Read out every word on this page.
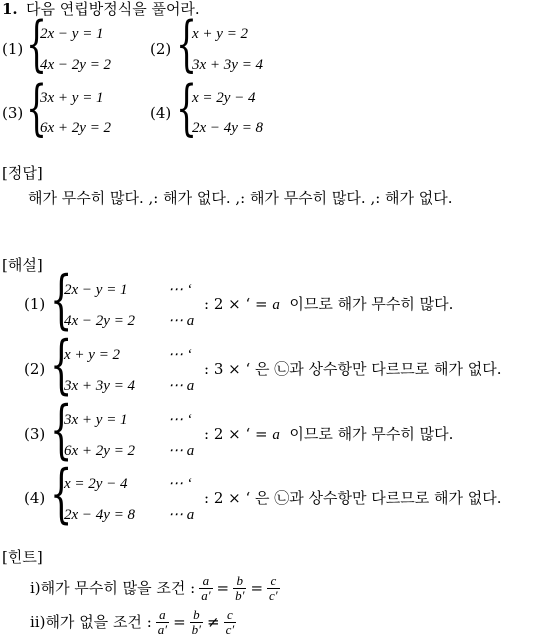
1. 다음 연립방정식을 풀어라.
(1) {
2x − y = 1
4x − 2y = 2
(2) {
x + y = 2
3x + 3y = 4
(3) {
3x + y = 1
6x + 2y = 2
(4) {
x = 2y − 4
2x − 4y = 8
[정답]
해가 무수히 많다. ,: 해가 없다. ,: 해가 무수히 많다. ,: 해가 없다.
[해설]
(1) {
2x − y = 1	⋯ ‘
4x − 2y = 2 ⋯ a
: 2 × ‘ = a 이므로 해가 무수히 많다.
(2) {
x + y = 2	⋯ ‘
3x + 3y = 4 ⋯ a
: 3 × ‘ 은 ㉡과 상수항만 다르므로 해가 없다.
(3) {
3x + y = 1	⋯ ‘
6x + 2y = 2 ⋯ a
: 2 × ‘ = a 이므로 해가 무수히 많다.
(4) {
x = 2y − 4	⋯ ‘
2x − 4y = 8 ⋯ a
: 2 × ‘ 은 ㉡과 상수항만 다르므로 해가 없다.
[힌트]
ⅰ)해가 무수히 많을 조건 : $\frac{a}{a'} = \frac{b}{b'} = \frac{c}{c'}$
ⅱ)해가 없을 조건 : $\frac{a}{a'} = \frac{b}{b'} \ne \frac{c}{c'}$
